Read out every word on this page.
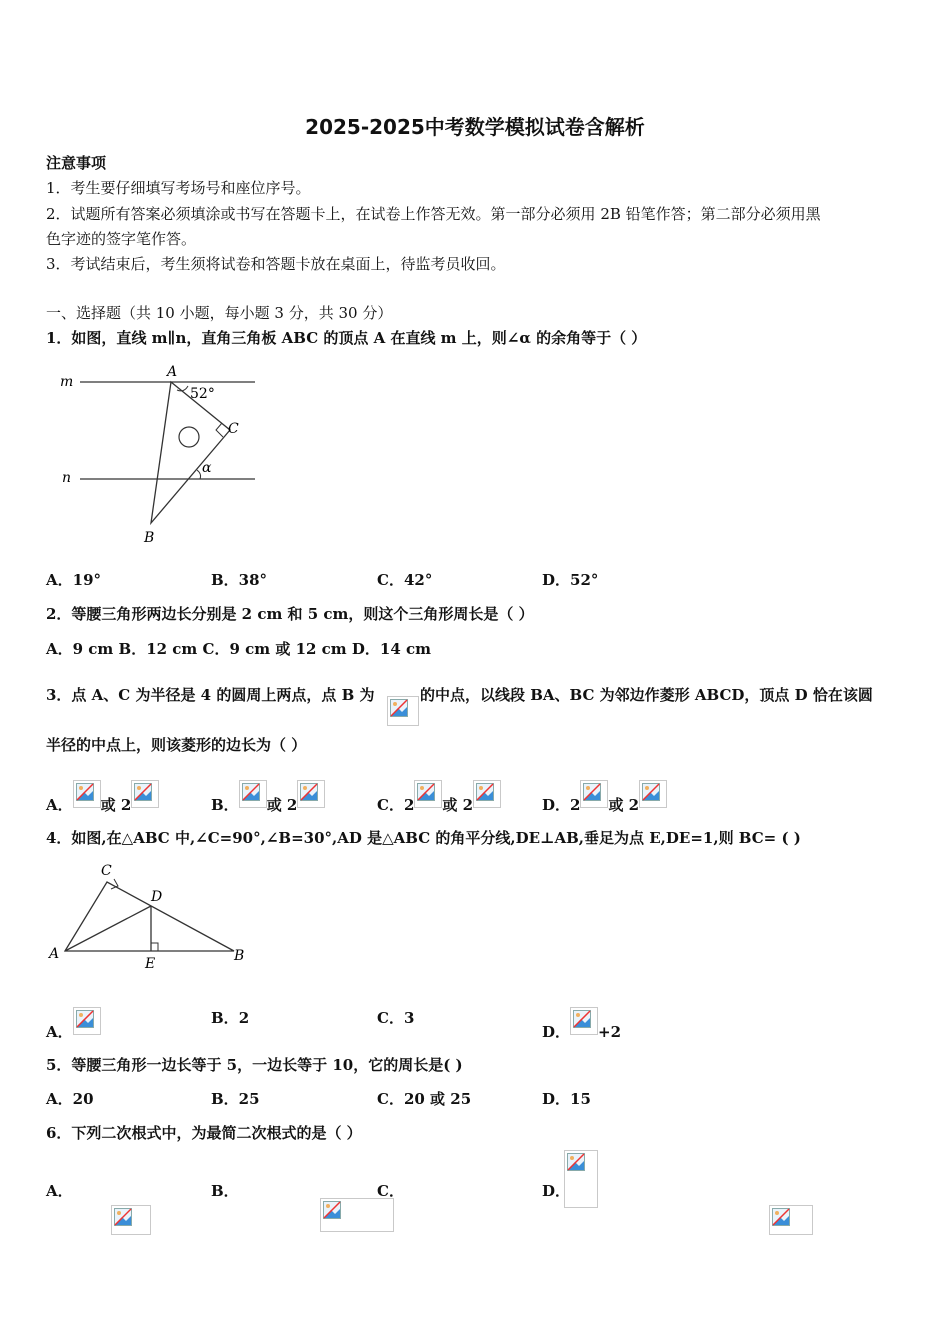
2025-2025中考数学模拟试卷含解析
注意事项
1．考生要仔细填写考场号和座位序号。
2．试题所有答案必须填涂或书写在答题卡上，在试卷上作答无效。第一部分必须用 2B 铅笔作答；第二部分必须用黑
色字迹的签字笔作答。
3．考试结束后，考生须将试卷和答题卡放在桌面上，待监考员收回。
一、选择题（共 10 小题，每小题 3 分，共 30 分）
1．如图，直线 m∥n，直角三角板 ABC 的顶点 A 在直线 m 上，则∠α 的余角等于（ ）
m
n
A
B
C
52°
α
A．19°	B．38°	C．42°	D．52°
2．等腰三角形两边长分别是 2 cm 和 5 cm，则这个三角形周长是（ ）
A．9 cm B．12 cm C．9 cm 或 12 cm D．14 cm
3．点 A、C 为半径是 4 的圆周上两点，点 B 为
	的中点，以线段 BA、BC 为邻边作菱形 ABCD，顶点 D 恰在该圆
半径的中点上，则该菱形的边长为（ ）
A． 或 2	B． 或 2	C．2 或 2	D．2 或 2
4．如图,在△ABC 中,∠C=90°,∠B=30°,AD 是△ABC 的角平分线,DE⊥AB,垂足为点 E,DE=1,则 BC= ( )
A	B
C
D
E
A．
B．2	C．3
D． +2
5．等腰三角形一边长等于 5，一边长等于 10，它的周长是( )
A．20	B．25	C．20 或 25	D．15
6．下列二次根式中，为最简二次根式的是（ ）
A．
	B．
	C．
	D．
